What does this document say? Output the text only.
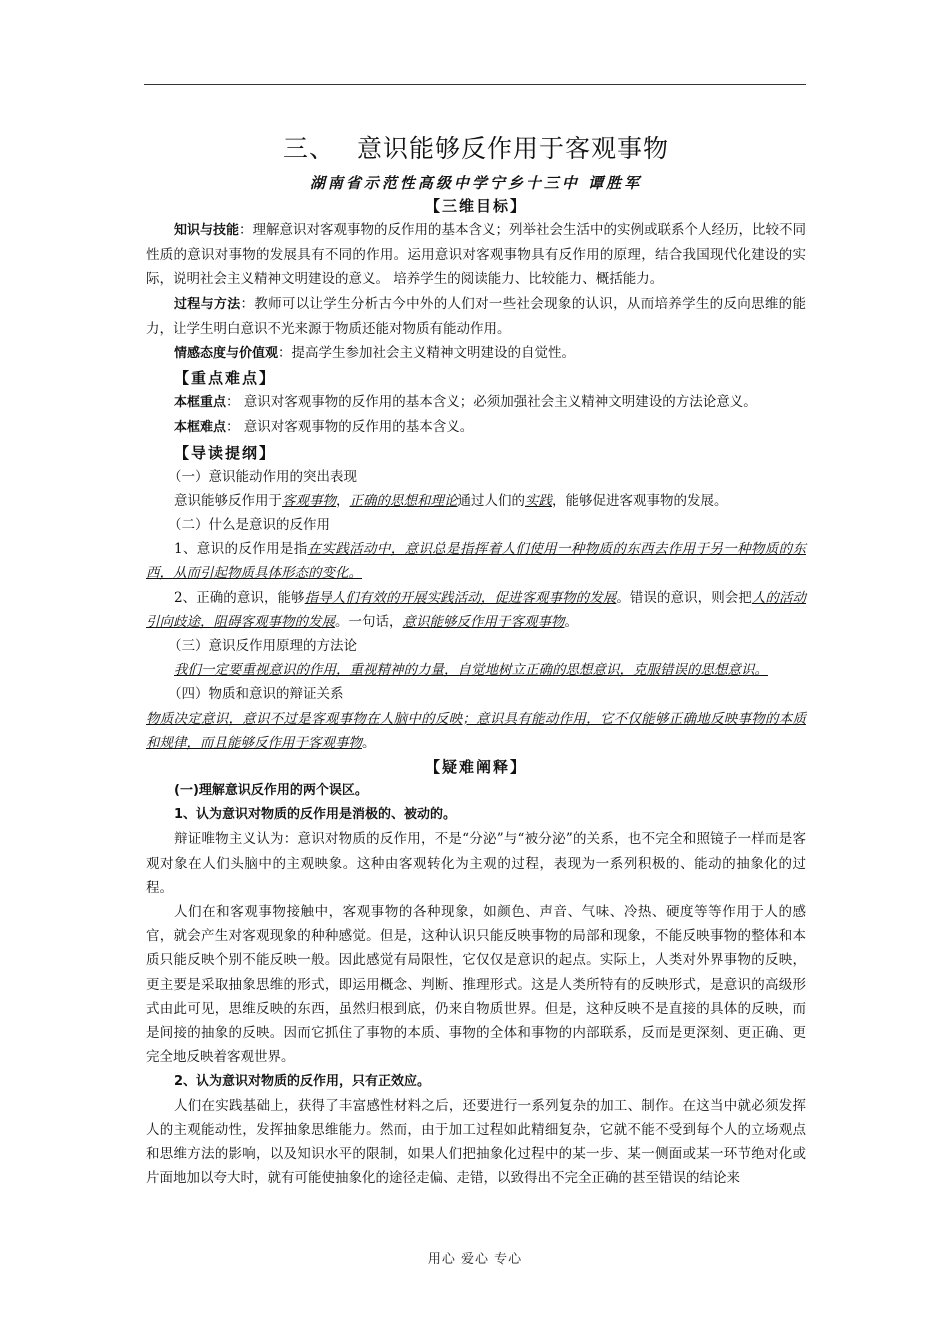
三、 意识能够反作用于客观事物
湖南省示范性高级中学宁乡十三中 谭胜军
【三维目标】

知识与技能：理解意识对客观事物的反作用的基本含义；列举社会生活中的实例或联系个人经历，比较不同性质的意识对事物的发展具有不同的作用。运用意识对客观事物具有反作用的原理，结合我国现代化建设的实际，说明社会主义精神文明建设的意义。 培养学生的阅读能力、比较能力、概括能力。

过程与方法：教师可以让学生分析古今中外的人们对一些社会现象的认识，从而培养学生的反向思维的能力，让学生明白意识不光来源于物质还能对物质有能动作用。

情感态度与价值观：提高学生参加社会主义精神文明建设的自觉性。

【重点难点】

本框重点： 意识对客观事物的反作用的基本含义；必须加强社会主义精神文明建设的方法论意义。

本框难点： 意识对客观事物的反作用的基本含义。

【导读提纲】
（一）意识能动作用的突出表现

意识能够反作用于客观事物，正确的思想和理论通过人们的实践，能够促进客观事物的发展。

（二）什么是意识的反作用

1、意识的反作用是指在实践活动中，意识总是指挥着人们使用一种物质的东西去作用于另一种物质的东西，从而引起物质具体形态的变化。

2、正确的意识，能够指导人们有效的开展实践活动，促进客观事物的发展。错误的意识，则会把人的活动引向歧途，阻碍客观事物的发展。一句话，意识能够反作用于客观事物。

（三）意识反作用原理的方法论

我们一定要重视意识的作用，重视精神的力量，自觉地树立正确的思想意识，克服错误的思想意识。

（四）物质和意识的辩证关系

物质决定意识，意识不过是客观事物在人脑中的反映；意识具有能动作用，它不仅能够正确地反映事物的本质和规律，而且能够反作用于客观事物。

【疑难阐释】
(一)理解意识反作用的两个误区。
1、认为意识对物质的反作用是消极的、被动的。

辩证唯物主义认为：意识对物质的反作用，不是“分泌”与“被分泌”的关系，也不完全和照镜子一样而是客观对象在人们头脑中的主观映象。这种由客观转化为主观的过程，表现为一系列积极的、能动的抽象化的过程。

人们在和客观事物接触中，客观事物的各种现象，如颜色、声音、气味、冷热、硬度等等作用于人的感官，就会产生对客观现象的种种感觉。但是，这种认识只能反映事物的局部和现象，不能反映事物的整体和本质只能反映个别不能反映一般。因此感觉有局限性，它仅仅是意识的起点。实际上，人类对外界事物的反映，更主要是采取抽象思维的形式，即运用概念、判断、推理形式。这是人类所特有的反映形式，是意识的高级形式由此可见，思维反映的东西，虽然归根到底，仍来自物质世界。但是，这种反映不是直接的具体的反映，而是间接的抽象的反映。因而它抓住了事物的本质、事物的全体和事物的内部联系，反而是更深刻、更正确、更完全地反映着客观世界。

2、认为意识对物质的反作用，只有正效应。

人们在实践基础上，获得了丰富感性材料之后，还要进行一系列复杂的加工、制作。在这当中就必须发挥人的主观能动性，发挥抽象思维能力。然而，由于加工过程如此精细复杂，它就不能不受到每个人的立场观点和思维方法的影响，以及知识水平的限制，如果人们把抽象化过程中的某一步、某一侧面或某一环节绝对化或片面地加以夸大时，就有可能使抽象化的途径走偏、走错，以致得出不完全正确的甚至错误的结论来

用心 爱心 专心
